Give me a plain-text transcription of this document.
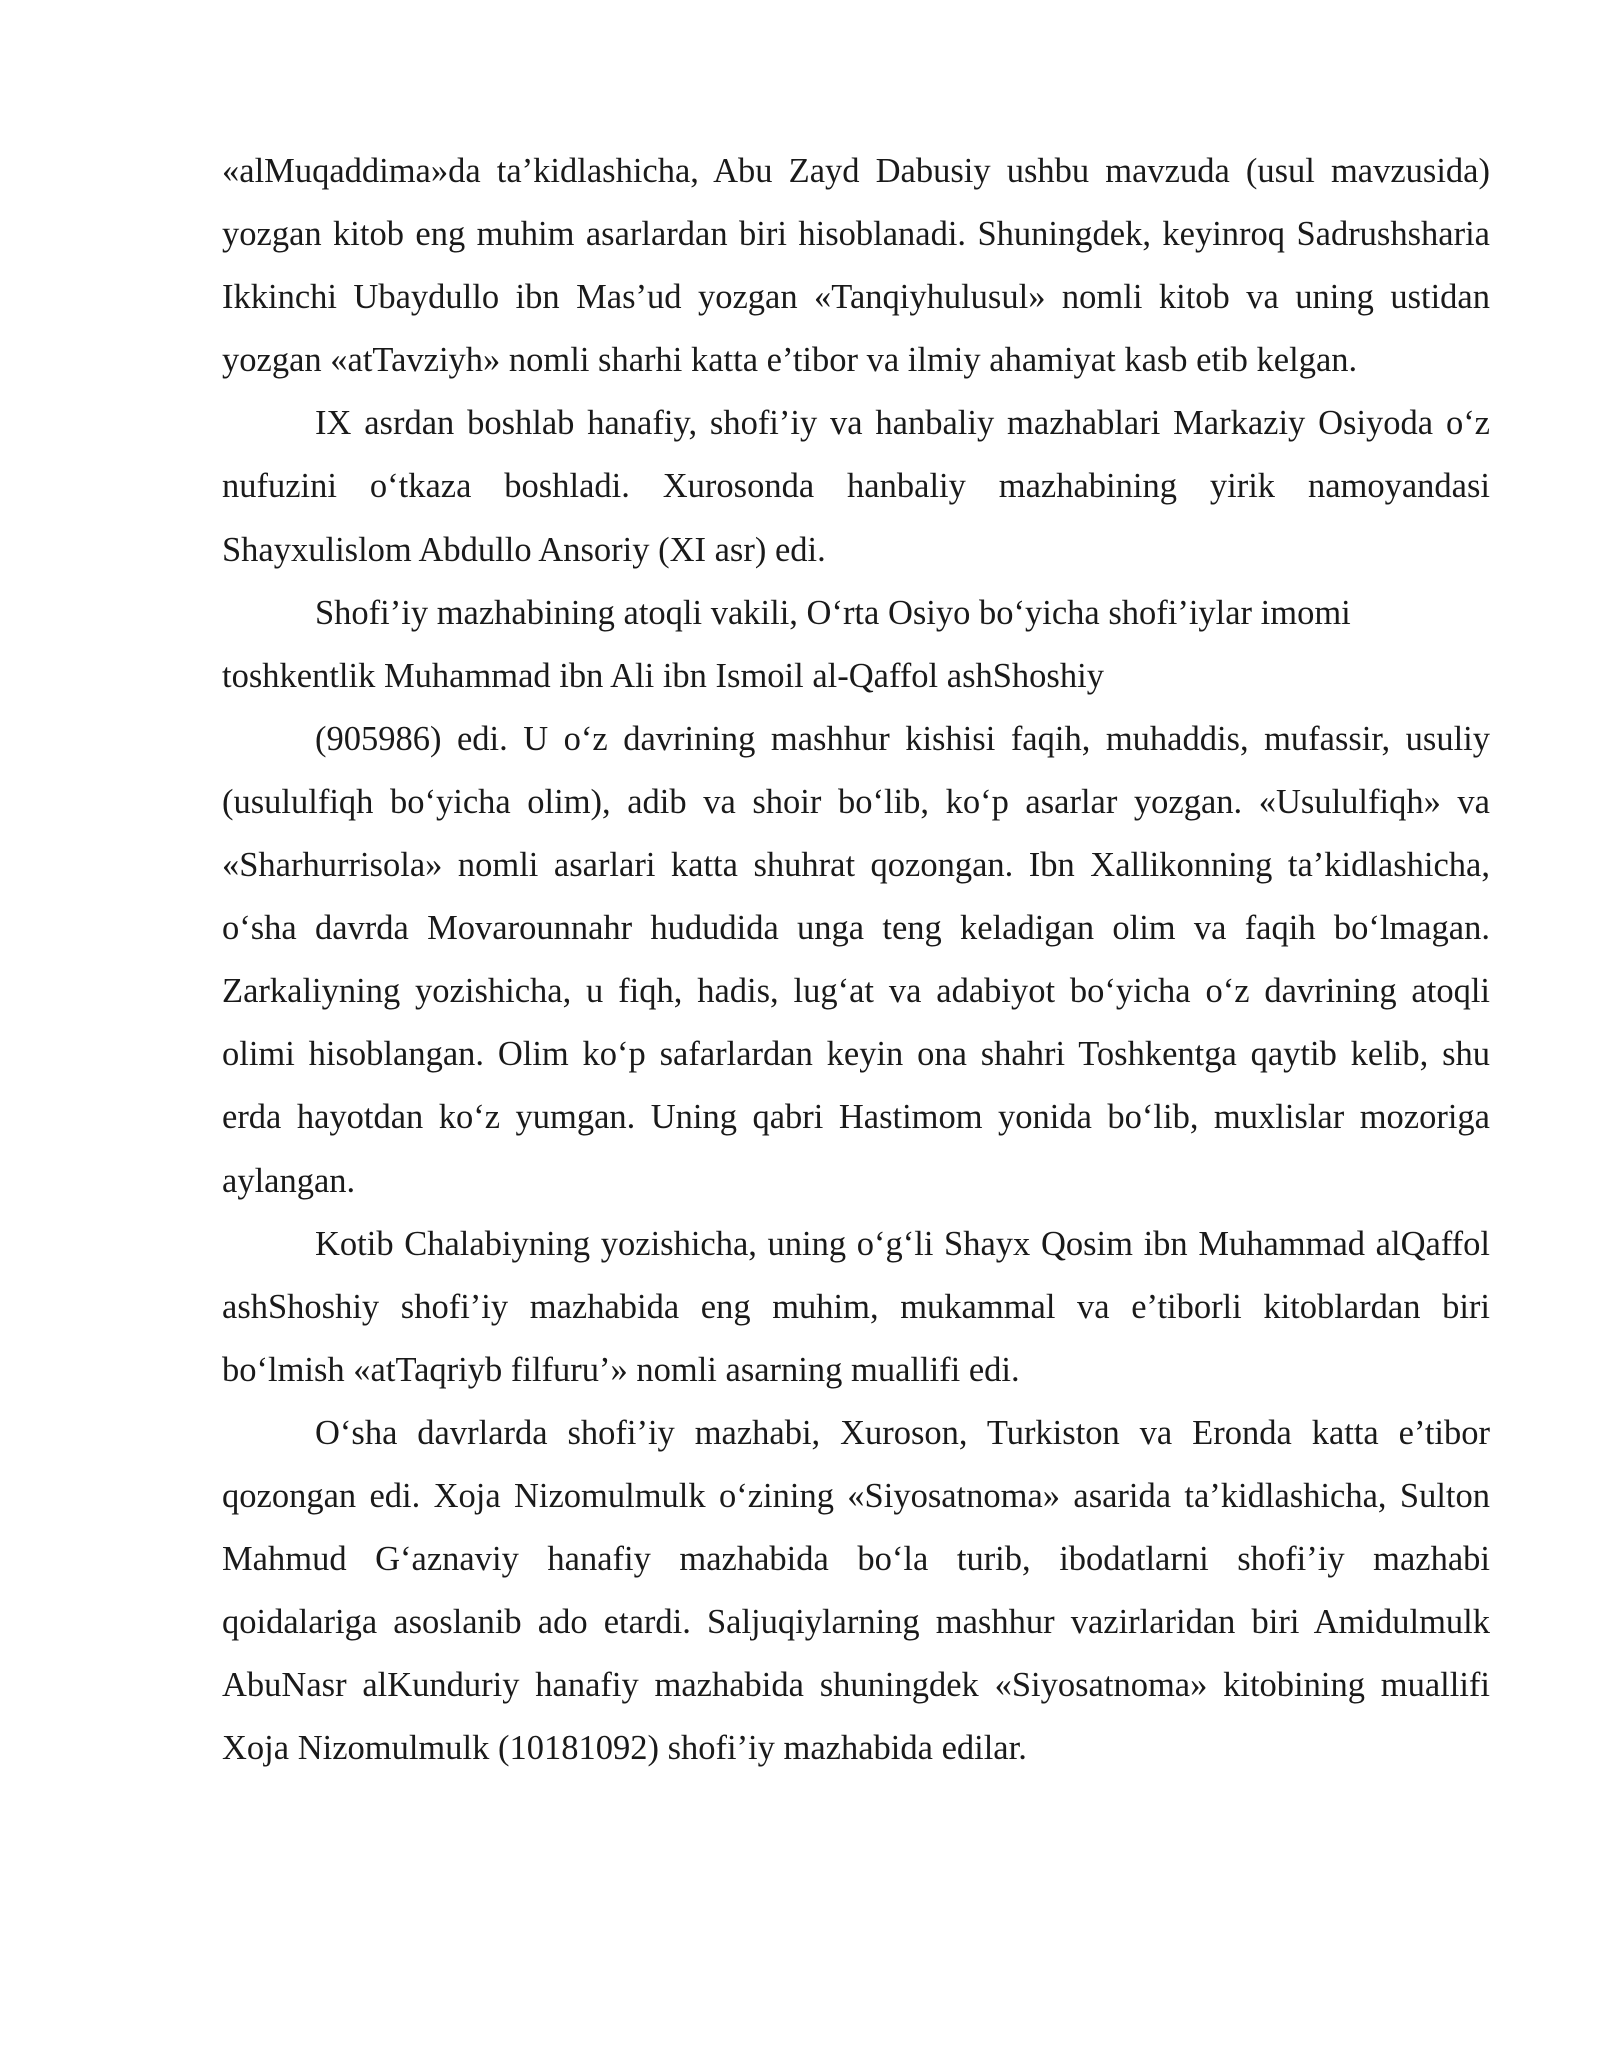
«alMuqaddima»da ta’kidlashicha, Abu Zayd Dabusiy ushbu mavzuda (usul mavzusida) yozgan kitob eng muhim asarlardan biri hisoblanadi. Shuningdek, keyinroq Sadrushsharia Ikkinchi Ubaydullo ibn Mas’ud yozgan «Tanqiyhulusul» nomli kitob va uning ustidan yozgan «atTavziyh» nomli sharhi katta e’tibor va ilmiy ahamiyat kasb etib kelgan.

IX asrdan boshlab hanafiy, shofi’iy va hanbaliy mazhablari Markaziy Osiyoda o‘z nufuzini o‘tkaza boshladi. Xurosonda hanbaliy mazhabining yirik namoyandasi Shayxulislom Abdullo Ansoriy (XI asr) edi.

Shofi’iy mazhabining atoqli vakili, O‘rta Osiyo bo‘yicha shofi’iylar imomi toshkentlik Muhammad ibn Ali ibn Ismoil al-Qaffol ashShoshiy

(905986) edi. U o‘z davrining mashhur kishisi faqih, muhaddis, mufassir, usuliy (usululfiqh bo‘yicha olim), adib va shoir bo‘lib, ko‘p asarlar yozgan. «Usululfiqh» va «Sharhurrisola» nomli asarlari katta shuhrat qozongan. Ibn Xallikonning ta’kidlashicha, o‘sha davrda Movarounnahr hududida unga teng keladigan olim va faqih bo‘lmagan. Zarkaliyning yozishicha, u fiqh, hadis, lug‘at va adabiyot bo‘yicha o‘z davrining atoqli olimi hisoblangan. Olim ko‘p safarlardan keyin ona shahri Toshkentga qaytib kelib, shu erda hayotdan ko‘z yumgan. Uning qabri Hastimom yonida bo‘lib, muxlislar mozoriga aylangan.

Kotib Chalabiyning yozishicha, uning o‘g‘li Shayx Qosim ibn Muhammad alQaffol ashShoshiy shofi’iy mazhabida eng muhim, mukammal va e’tiborli kitoblardan biri bo‘lmish «atTaqriyb filfuru’» nomli asarning muallifi edi.

O‘sha davrlarda shofi’iy mazhabi, Xuroson, Turkiston va Eronda katta e’tibor qozongan edi. Xoja Nizomulmulk o‘zining «Siyosatnoma» asarida ta’kidlashicha, Sulton Mahmud G‘aznaviy hanafiy mazhabida bo‘la turib, ibodatlarni shofi’iy mazhabi qoidalariga asoslanib ado etardi. Saljuqiylarning mashhur vazirlaridan biri Amidulmulk AbuNasr alKunduriy hanafiy mazhabida shuningdek «Siyosatnoma» kitobining muallifi Xoja Nizomulmulk (10181092) shofi’iy mazhabida edilar.
